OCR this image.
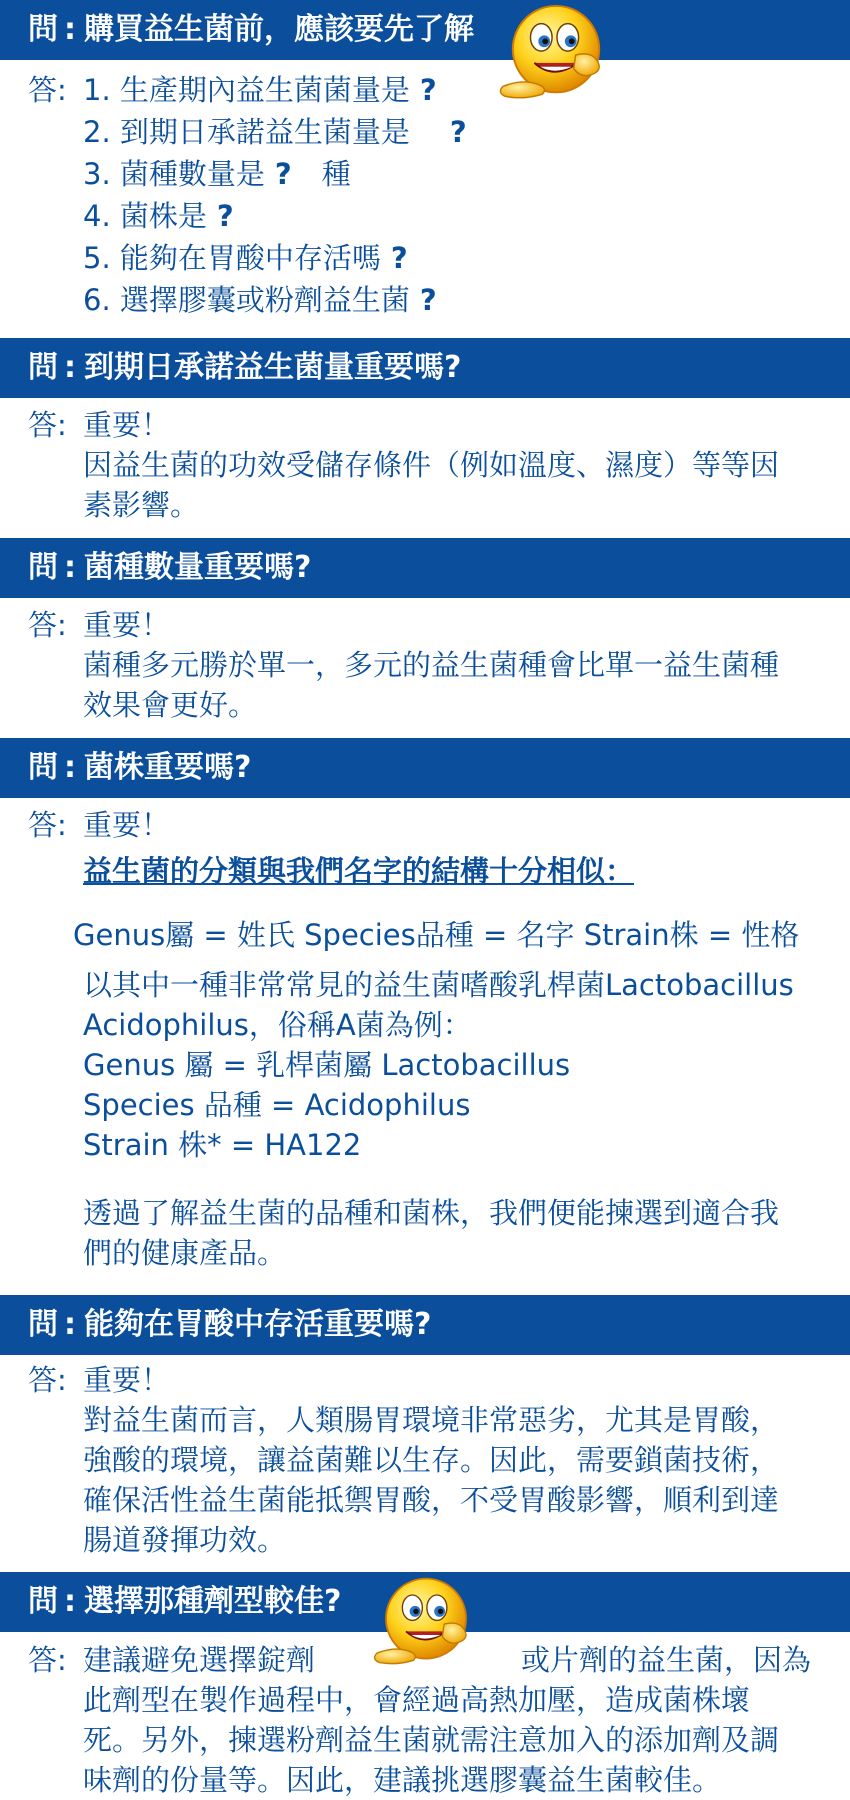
問 : 購買益生菌前，應該要先了解
答: 1. 生產期內益生菌菌量是 ?
2. 到期日承諾益生菌量是 ?
3. 菌種數量是 ? 種
4. 菌株是 ?
5. 能夠在胃酸中存活嗎 ?
6. 選擇膠囊或粉劑益生菌 ?
問 : 到期日承諾益生菌量重要嗎?
答: 重要！
因益生菌的功效受儲存條件（例如溫度、濕度）等等因
素影響。
問 : 菌種數量重要嗎?
答: 重要！
菌種多元勝於單一，多元的益生菌種會比單一益生菌種
效果會更好。
問 : 菌株重要嗎?
答: 重要！
益生菌的分類與我們名字的結構十分相似：
Genus屬 = 姓氏 Species品種 = 名字 Strain株 = 性格
以其中一種非常常見的益生菌嗜酸乳桿菌Lactobacillus
Acidophilus，俗稱A菌為例：
Genus 屬 = 乳桿菌屬 Lactobacillus
Species 品種 = Acidophilus
Strain 株* = HA122
透過了解益生菌的品種和菌株，我們便能揀選到適合我
們的健康產品。
問 : 能夠在胃酸中存活重要嗎?
答: 重要！
對益生菌而言，人類腸胃環境非常惡劣，尤其是胃酸，
強酸的環境，讓益菌難以生存。因此，需要鎖菌技術，
確保活性益生菌能抵禦胃酸，不受胃酸影響，順利到達
腸道發揮功效。
問 : 選擇那種劑型較佳?
答: 建議避免選擇錠劑	或片劑的益生菌，因為
此劑型在製作過程中，會經過高熱加壓，造成菌株壞
死。另外，揀選粉劑益生菌就需注意加入的添加劑及調
味劑的份量等。因此，建議挑選膠囊益生菌較佳。
